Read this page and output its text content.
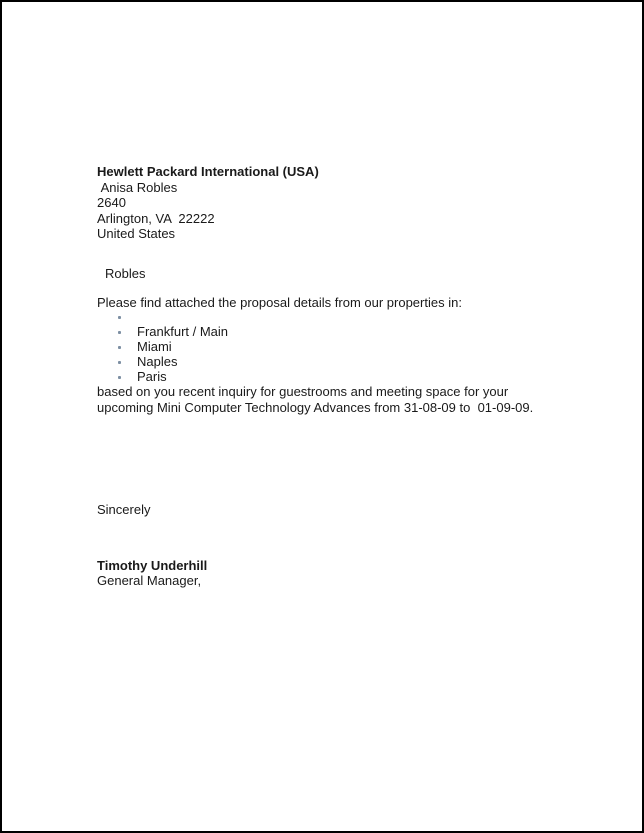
Hewlett Packard International (USA)
Anisa Robles
2640
Arlington, VA  22222
United States
Robles
Please find attached the proposal details from our properties in:
Frankfurt / Main
Miami
Naples
Paris
based on you recent inquiry for guestrooms and meeting space for your
upcoming Mini Computer Technology Advances from 31-08-09 to  01-09-09.
Sincerely
Timothy Underhill
General Manager,
